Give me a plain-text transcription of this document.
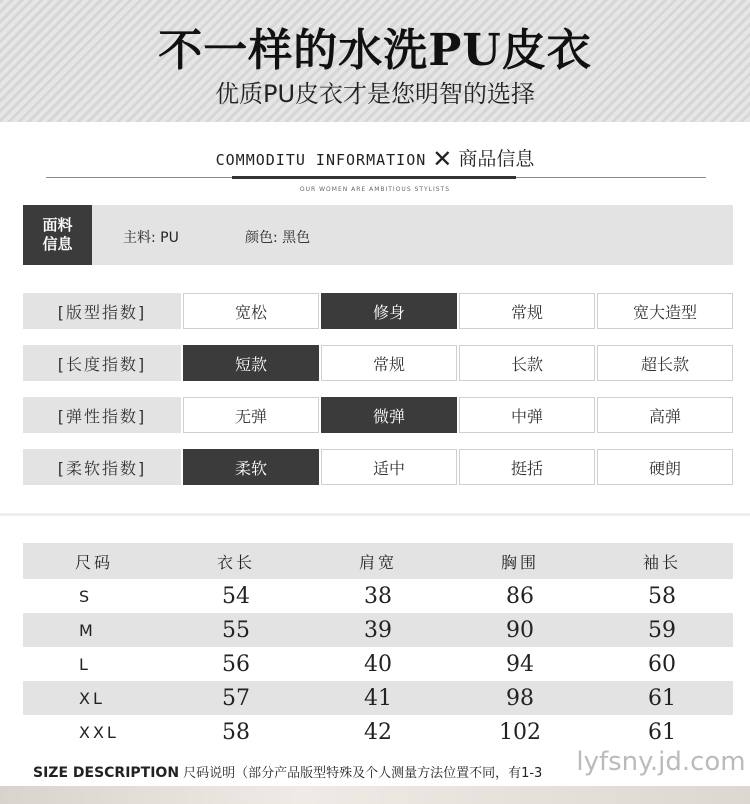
不一样的水洗PU皮衣
优质PU皮衣才是您明智的选择
COMMODITU INFORMATION ✕ 商品信息
OUR WOMEN ARE AMBITIOUS STYLISTS
面料信息	主料: PU	颜色: 黑色
[版型指数]	宽松	修身	常规	宽大造型
[长度指数]	短款	常规	长款	超长款
[弹性指数]	无弹	微弹	中弹	高弹
[柔软指数]	柔软	适中	挺括	硬朗
尺码	衣长	肩宽	胸围	袖长
S	54	38	86	58
M	55	39	90	59
L	56	40	94	60
XL	57	41	98	61
XXL	58	42	102	61
SIZE DESCRIPTION 尺码说明（部分产品版型特殊及个人测量方法位置不同，有1-3 lyfsny.jd.com
